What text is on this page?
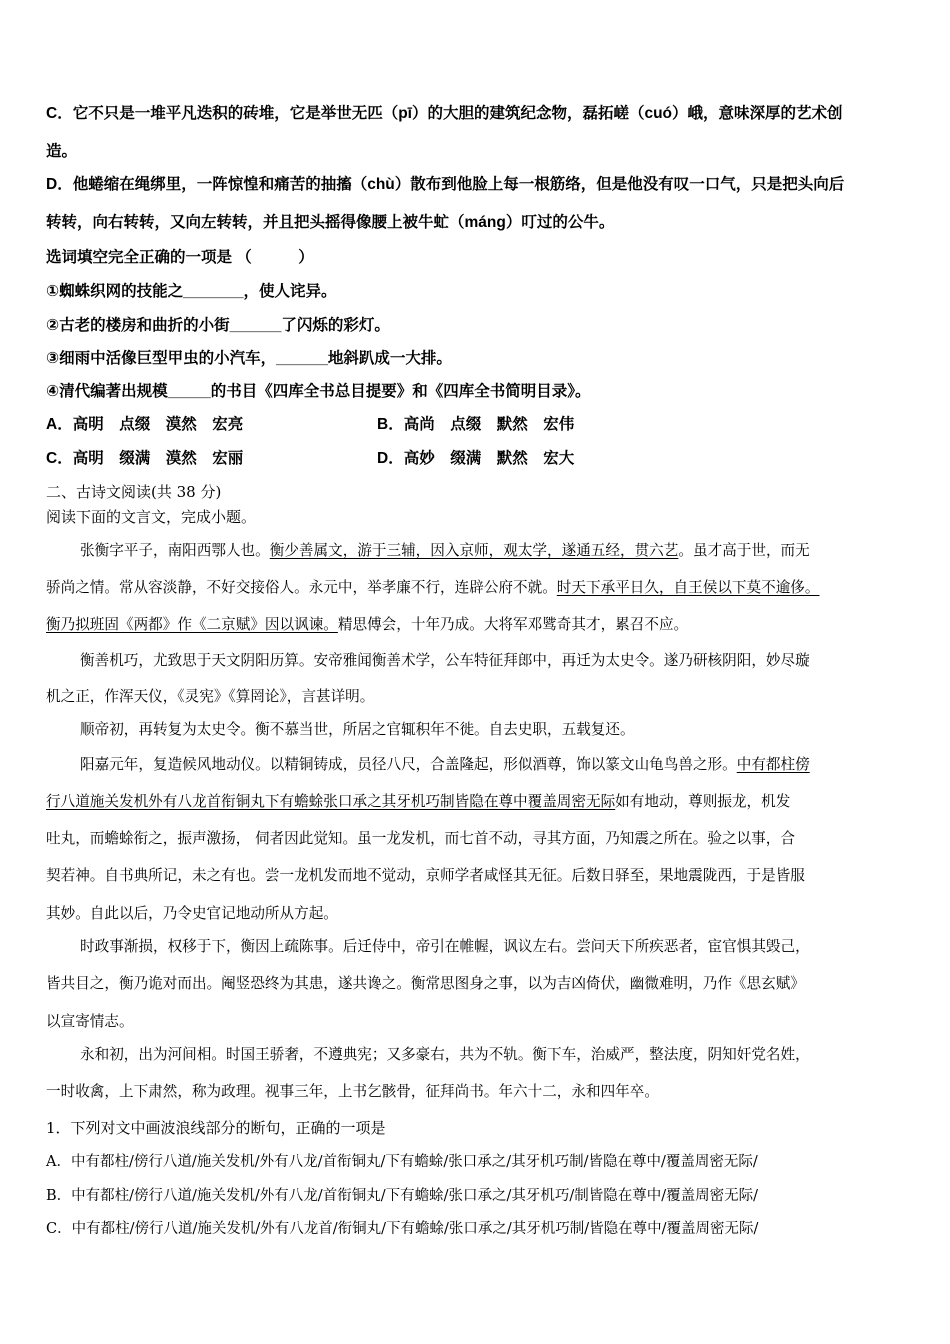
C．它不只是一堆平凡迭积的砖堆，它是举世无匹（pī）的大胆的建筑纪念物，磊拓嵯（cuó）峨，意味深厚的艺术创
造。
D．他蜷缩在绳绑里，一阵惊惶和痛苦的抽搐（chù）散布到他脸上每一根筋络，但是他没有叹一口气，只是把头向后
转转，向右转转，又向左转转，并且把头摇得像腰上被牛虻（máng）叮过的公牛。
选词填空完全正确的一项是 （　　　）
①蜘蛛织网的技能之_______，使人诧异。
②古老的楼房和曲折的小街______了闪烁的彩灯。
③细雨中活像巨型甲虫的小汽车，______地斜趴成一大排。
④清代编著出规模_____的书目《四库全书总目提要》和《四库全书简明目录》。
A．高明　点缀　漠然　宏亮	B．高尚　点缀　默然　宏伟
C．高明　缀满　漠然　宏丽	D．高妙　缀满　默然　宏大
二、古诗文阅读(共 38 分)
阅读下面的文言文，完成小题。
张衡字平子，南阳西鄂人也。衡少善属文，游于三辅，因入京师，观太学，遂通五经，贯六艺。虽才高于世，而无
骄尚之情。常从容淡静，不好交接俗人。永元中，举孝廉不行，连辟公府不就。时天下承平日久，自王侯以下莫不逾侈。
衡乃拟班固《两都》作《二京赋》因以讽谏。精思傅会，十年乃成。大将军邓骘奇其才，累召不应。
衡善机巧，尤致思于天文阴阳历算。安帝雅闻衡善术学，公车特征拜郎中，再迁为太史令。遂乃研核阴阳，妙尽璇
机之正，作浑天仪，《灵宪》《算罔论》，言甚详明。
顺帝初，再转复为太史令。衡不慕当世，所居之官辄积年不徙。自去史职，五载复还。
阳嘉元年，复造候风地动仪。以精铜铸成，员径八尺，合盖隆起，形似酒尊，饰以篆文山龟鸟兽之形。中有都柱傍
行八道施关发机外有八龙首衔铜丸下有蟾蜍张口承之其牙机巧制皆隐在尊中覆盖周密无际如有地动，尊则振龙，机发
吐丸，而蟾蜍衔之，振声激扬， 伺者因此觉知。虽一龙发机，而七首不动，寻其方面，乃知震之所在。验之以事，合
契若神。自书典所记，未之有也。尝一龙机发而地不觉动，京师学者咸怪其无征。后数日驿至，果地震陇西，于是皆服
其妙。自此以后，乃令史官记地动所从方起。
时政事渐损，权移于下，衡因上疏陈事。后迁侍中，帝引在帷幄，讽议左右。尝问天下所疾恶者，宦官惧其毁己，
皆共目之，衡乃诡对而出。阉竖恐终为其患，遂共谗之。衡常思图身之事，以为吉凶倚伏，幽微难明，乃作《思玄赋》
以宣寄情志。
永和初，出为河间相。时国王骄奢，不遵典宪；又多豪右，共为不轨。衡下车，治威严，整法度，阴知奸党名姓，
一时收禽，上下肃然，称为政理。视事三年，上书乞骸骨，征拜尚书。年六十二，永和四年卒。
1．下列对文中画波浪线部分的断句，正确的一项是
A．中有都柱/傍行八道/施关发机/外有八龙/首衔铜丸/下有蟾蜍/张口承之/其牙机巧制/皆隐在尊中/覆盖周密无际/
B．中有都柱/傍行八道/施关发机/外有八龙/首衔铜丸/下有蟾蜍/张口承之/其牙机巧/制皆隐在尊中/覆盖周密无际/
C．中有都柱/傍行八道/施关发机/外有八龙首/衔铜丸/下有蟾蜍/张口承之/其牙机巧制/皆隐在尊中/覆盖周密无际/
